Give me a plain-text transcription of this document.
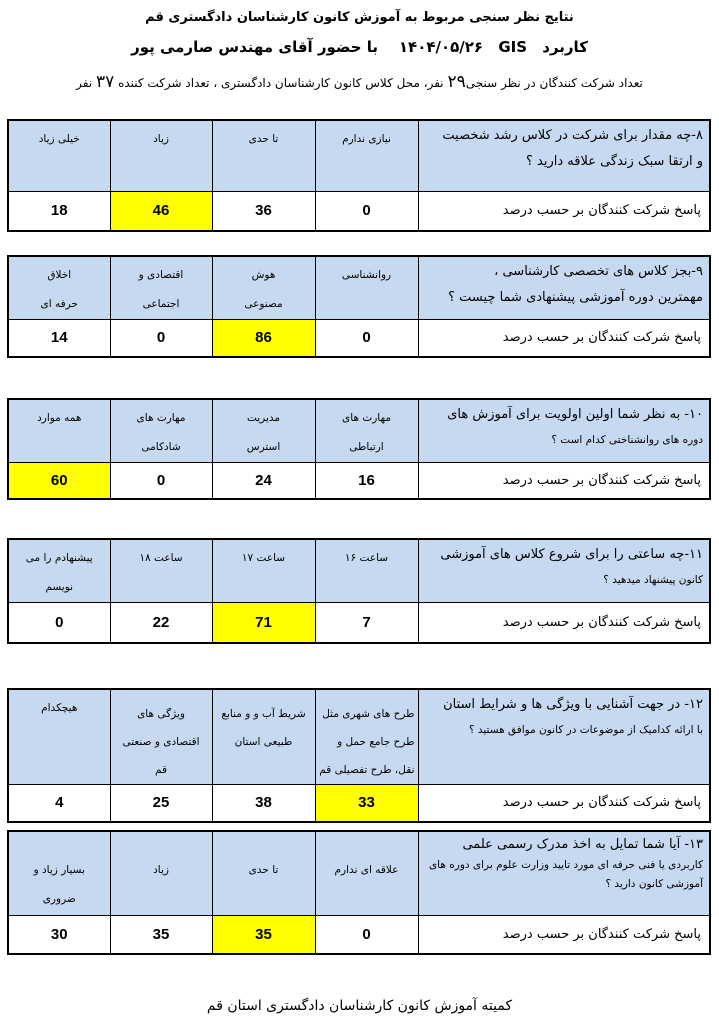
نتایج نظر سنجی مربوط به آموزش کانون کارشناسان دادگستری قم
کاربرد GIS ۱۴۰۴/۰۵/۲۶    با حضور آقای مهندس صارمی پور
تعداد شرکت کنندگان در نظر سنجی۲۹ نفر، محل کلاس کانون کارشناسان دادگستری ، تعداد شرکت کننده ۳۷ نفر
۸-چه مقدار برای شرکت در کلاس رشد شخصیت
و ارتقا سبک زندگی علاقه دارید ؟	نیازی ندارم	تا حدی	زیاد	خیلی زیاد
پاسخ شرکت کنندگان بر حسب درصد	0	36	46	18
۹-بجز کلاس های تخصصی کارشناسی ،
مهمترین دوره آموزشی پیشنهادی شما چیست ؟	روانشناسی	هوش مصنوعی	اقتصادی و اجتماعی	اخلاق حرفه ای
پاسخ شرکت کنندگان بر حسب درصد	0	86	0	14
۱۰- به نظر شما اولین اولویت برای آموزش های
دوره های روانشناختی کدام است ؟	مهارت های ارتباطی	مدیریت استرس	مهارت های شادکامی	همه موارد
پاسخ شرکت کنندگان بر حسب درصد	16	24	0	60
۱۱-چه ساعتی را برای شروع کلاس های آموزشی
کانون پیشنهاد میدهید ؟	ساعت ۱۶	ساعت ۱۷	ساعت ۱۸	پیشنهادم را می نویسم
پاسخ شرکت کنندگان بر حسب درصد	7	71	22	0
۱۲- در جهت آشنایی با ویژگی ها و شرایط استان
با ارائه کدامیک از موضوعات در کانون موافق هستید ؟	طرح های شهری مثل طرح جامع حمل و نقل، طرح تفصیلی قم	شریط آب و و منابع طبیعی استان	ویژگی های اقتصادی و صنعتی قم	هیچکدام
پاسخ شرکت کنندگان بر حسب درصد	33	38	25	4
۱۳- آیا شما تمایل به اخذ مدرک رسمی علمی
کاربردی یا فنی حرفه ای مورد تایید وزارت علوم برای دوره های آموزشی کانون دارید ؟	علاقه ای ندارم	تا حدی	زیاد	بسیار زیاد و ضروری
پاسخ شرکت کنندگان بر حسب درصد	0	35	35	30
کمیته آموزش کانون کارشناسان دادگستری استان قم
